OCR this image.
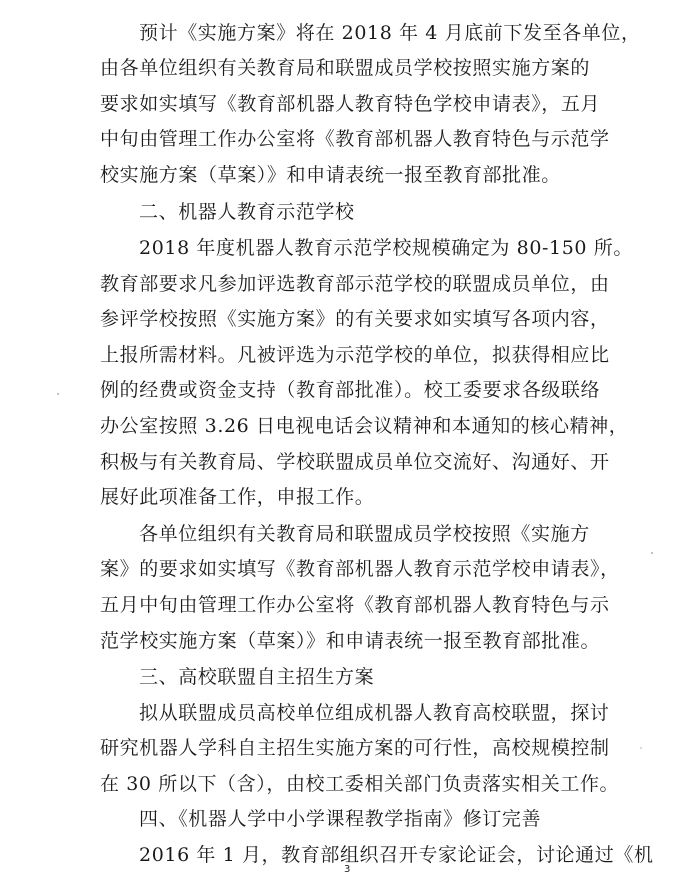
预计《实施方案》将在 2018 年 4 月底前下发至各单位，
由各单位组织有关教育局和联盟成员学校按照实施方案的
要求如实填写《教育部机器人教育特色学校申请表》，五月
中旬由管理工作办公室将《教育部机器人教育特色与示范学
校实施方案（草案）》和申请表统一报至教育部批准。
二、机器人教育示范学校
2018 年度机器人教育示范学校规模确定为 80-150 所。
教育部要求凡参加评选教育部示范学校的联盟成员单位，由
参评学校按照《实施方案》的有关要求如实填写各项内容，
上报所需材料。凡被评选为示范学校的单位，拟获得相应比
例的经费或资金支持（教育部批准）。校工委要求各级联络
办公室按照 3.26 日电视电话会议精神和本通知的核心精神，
积极与有关教育局、学校联盟成员单位交流好、沟通好、开
展好此项准备工作，申报工作。
各单位组织有关教育局和联盟成员学校按照《实施方
案》的要求如实填写《教育部机器人教育示范学校申请表》，
五月中旬由管理工作办公室将《教育部机器人教育特色与示
范学校实施方案（草案）》和申请表统一报至教育部批准。
三、高校联盟自主招生方案
拟从联盟成员高校单位组成机器人教育高校联盟，探讨
研究机器人学科自主招生实施方案的可行性，高校规模控制
在 30 所以下（含），由校工委相关部门负责落实相关工作。
四、《机器人学中小学课程教学指南》修订完善
2016 年 1 月，教育部组织召开专家论证会，讨论通过《机
3
